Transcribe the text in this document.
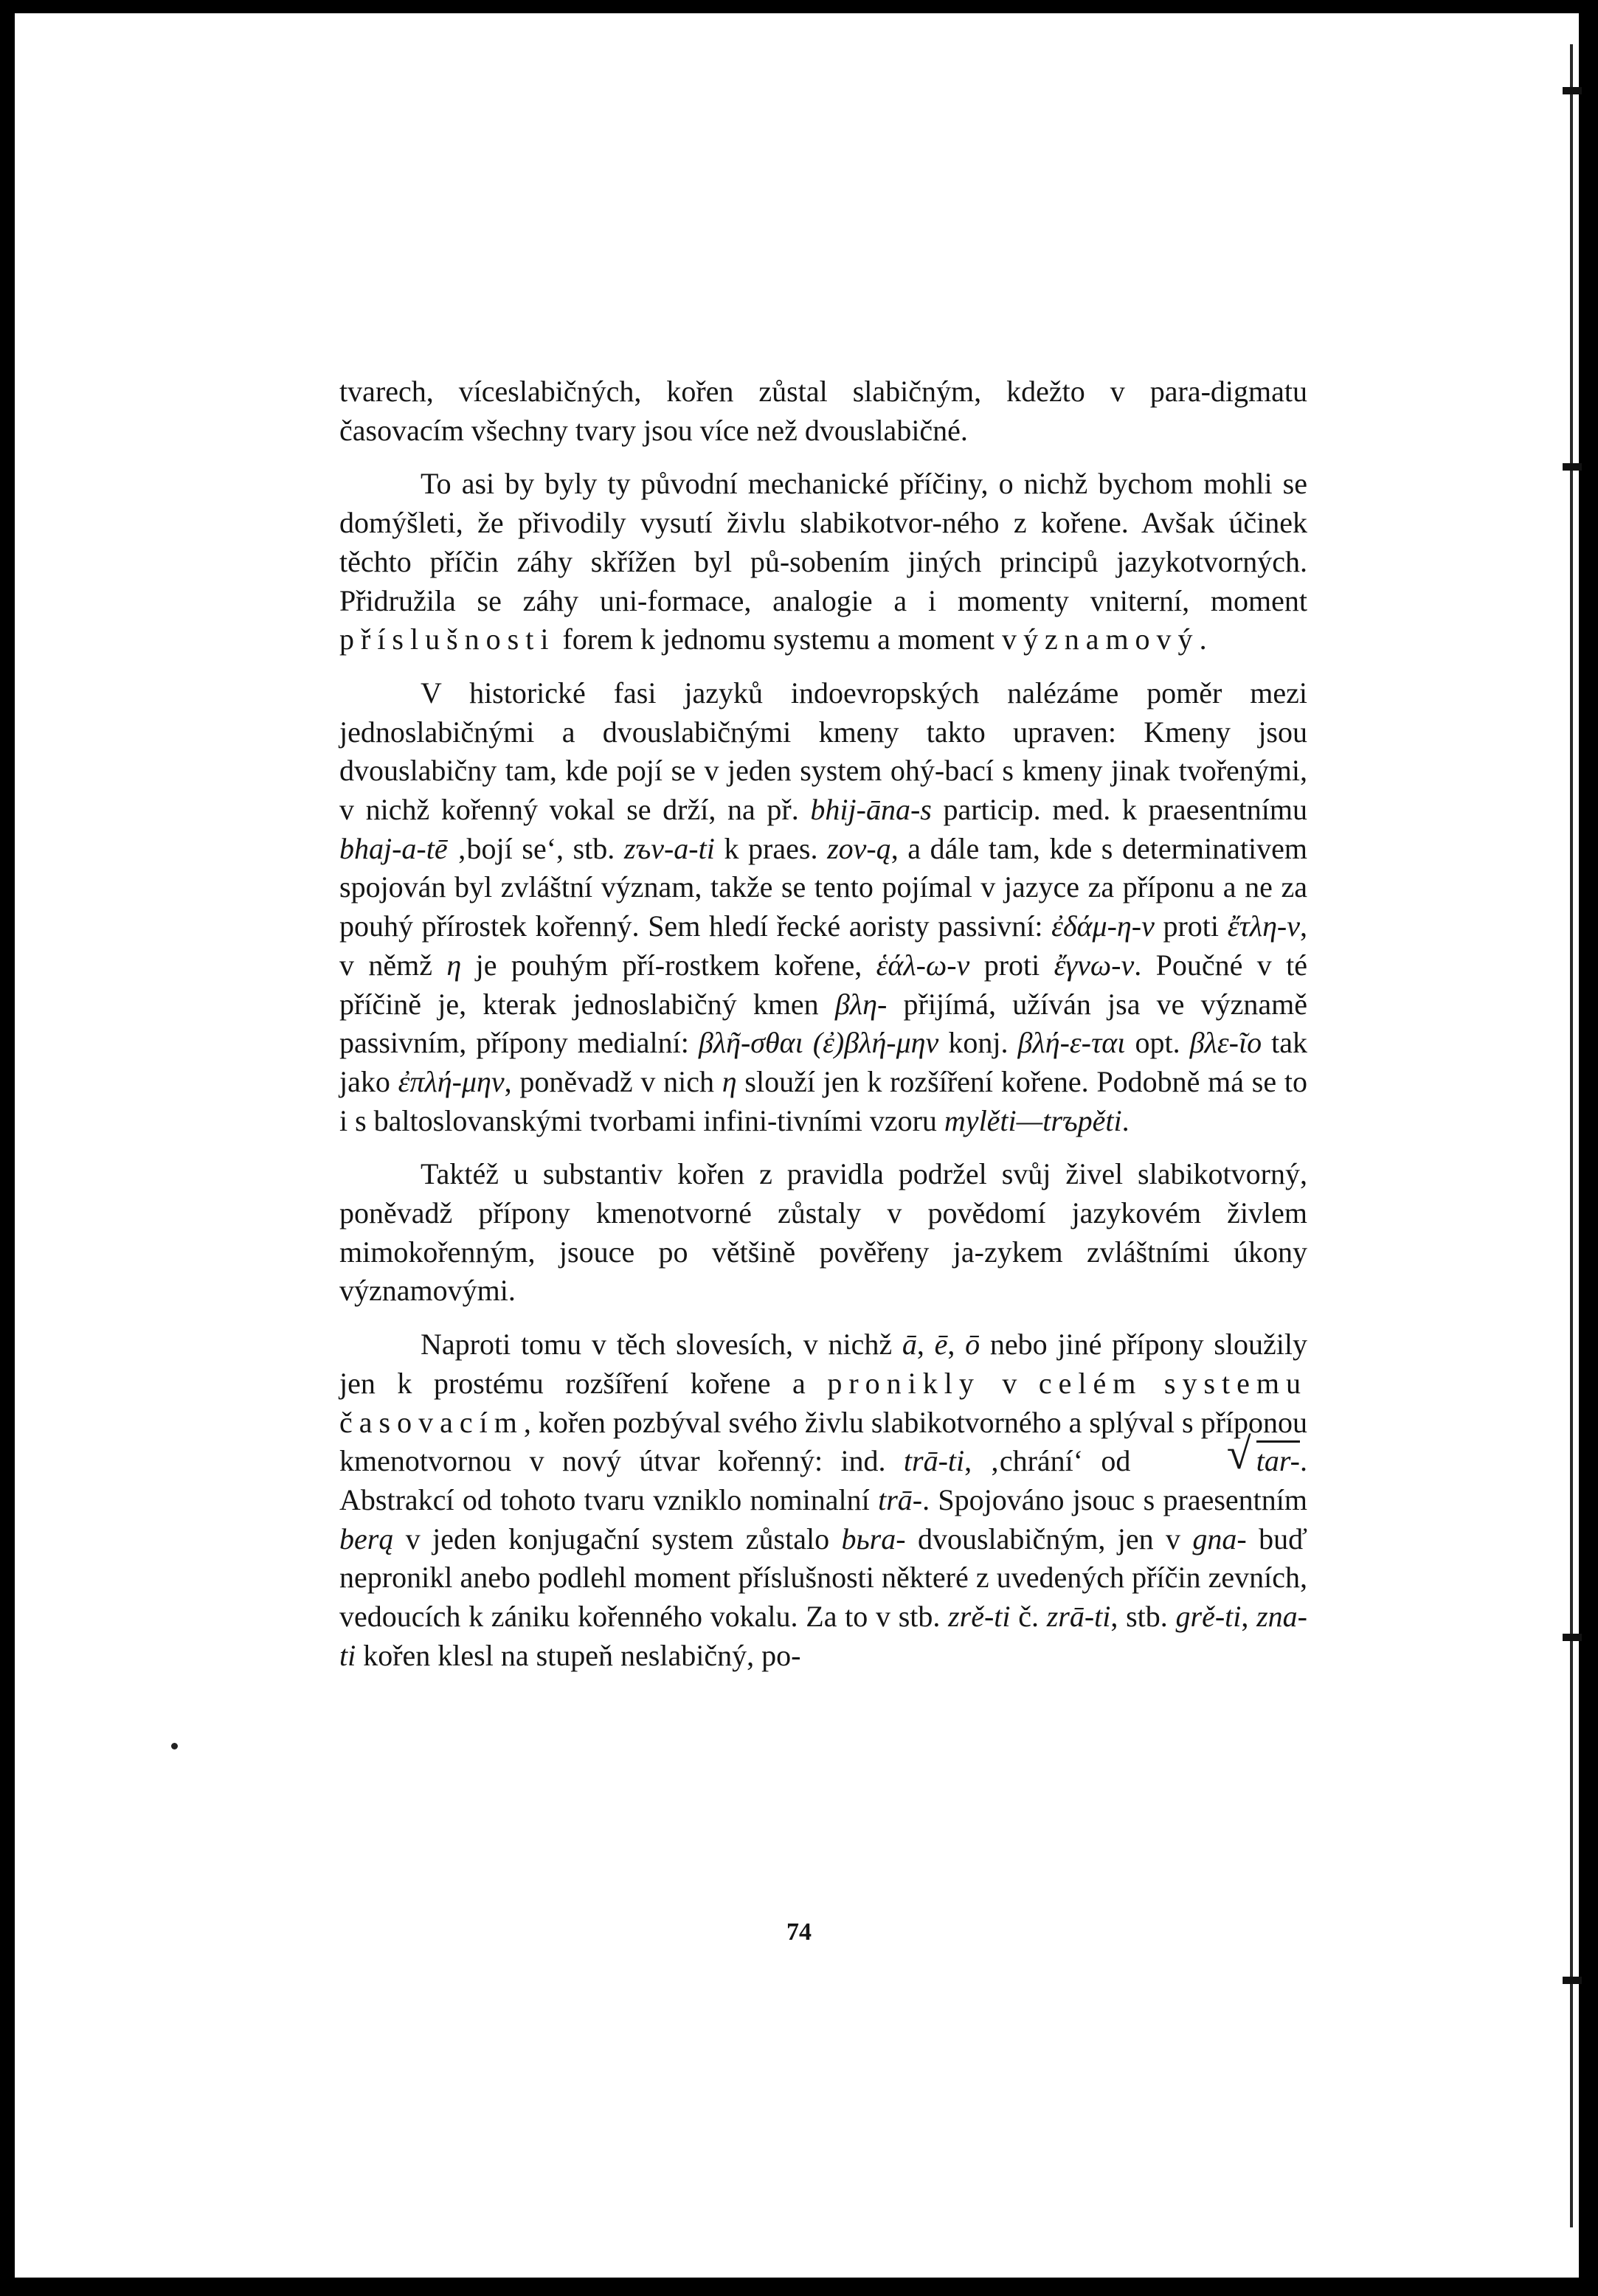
tvarech, víceslabičných, kořen zůstal slabičným, kdežto v para-digmatu časovacím všechny tvary jsou více než dvouslabičné.

To asi by byly ty původní mechanické příčiny, o nichž bychom mohli se domýšleti, že přivodily vysutí živlu slabikotvor-ného z kořene. Avšak účinek těchto příčin záhy skřížen byl pů-sobením jiných principů jazykotvorných. Přidružila se záhy uni-formace, analogie a i momenty vniterní, moment příslušnosti forem k jednomu systemu a moment významový.

V historické fasi jazyků indoevropských nalézáme poměr mezi jednoslabičnými a dvouslabičnými kmeny takto upraven: Kmeny jsou dvouslabičny tam, kde pojí se v jeden system ohý-bací s kmeny jinak tvořenými, v nichž kořenný vokal se drží, na př. bhij-āna-s particip. med. k praesentnímu bhaj-a-tē ‚bojí se‘, stb. zъv-a-ti k praes. zov-ą, a dále tam, kde s determinativem spojován byl zvláštní význam, takže se tento pojímal v jazyce za příponu a ne za pouhý přírostek kořenný. Sem hledí řecké aoristy passivní: ἐδάμ-η-ν proti ἔτλη-ν, v němž η je pouhým pří-rostkem kořene, ἑάλ-ω-ν proti ἔγνω-ν. Poučné v té příčině je, kterak jednoslabičný kmen βλη- přijímá, užíván jsa ve významě passivním, přípony medialní: βλῆ-σθαι (ἐ)βλή-μην konj. βλή-ε-ται opt. βλε-ῖο tak jako ἐπλή-μην, poněvadž v nich η slouží jen k rozšíření kořene. Podobně má se to i s baltoslovanskými tvorbami infini-tivními vzoru mylěti—trъpěti.

Taktéž u substantiv kořen z pravidla podržel svůj živel slabikotvorný, poněvadž přípony kmenotvorné zůstaly v povědomí jazykovém živlem mimokořenným, jsouce po většině pověřeny ja-zykem zvláštními úkony významovými.

Naproti tomu v těch slovesích, v nichž ā, ē, ō nebo jiné přípony sloužily jen k prostému rozšíření kořene a pronikly v celém systemu časovacím, kořen pozbýval svého živlu slabikotvorného a splýval s příponou kmenotvornou v nový útvar kořenný: ind. trā-ti, ‚chrání‘ od √	tar-. Abstrakcí od tohoto tvaru vzniklo nominalní trā-. Spojováno jsouc s praesentním berą v jeden konjugační system zůstalo bьra- dvouslabičným, jen v gna- buď nepronikl anebo podlehl moment příslušnosti některé z uvedených příčin zevních, vedoucích k zániku kořenného vokalu. Za to v stb. zrě-ti č. zrā-ti, stb. grě-ti, zna-ti kořen klesl na stupeň neslabičný, po-

74
